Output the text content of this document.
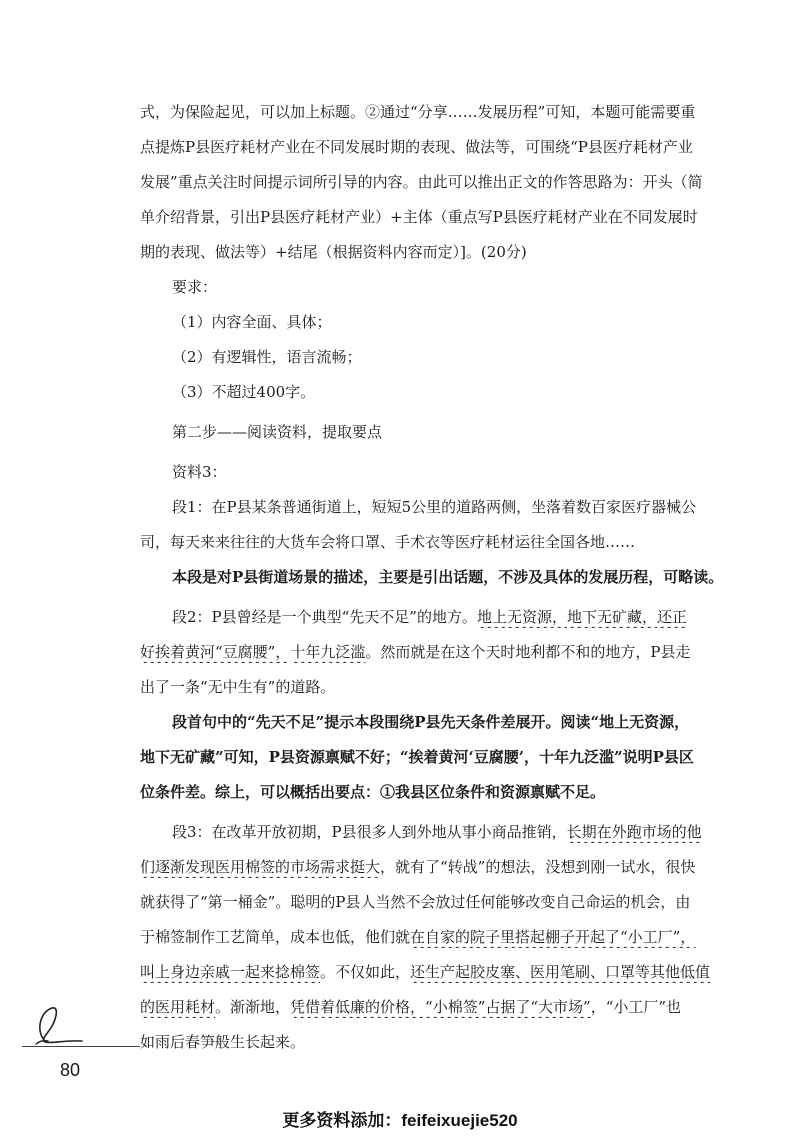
式，为保险起见，可以加上标题。②通过“分享……发展历程”可知，本题可能需要重
点提炼P县医疗耗材产业在不同发展时期的表现、做法等，可围绕“P县医疗耗材产业
发展”重点关注时间提示词所引导的内容。由此可以推出正文的作答思路为：开头（简
单介绍背景，引出P县医疗耗材产业）+主体（重点写P县医疗耗材产业在不同发展时
期的表现、做法等）+结尾（根据资料内容而定）]。(20分)
要求：
（1）内容全面、具体；
（2）有逻辑性，语言流畅；
（3）不超过400字。
第二步——阅读资料，提取要点
资料3：
段1：在P县某条普通街道上，短短5公里的道路两侧，坐落着数百家医疗器械公
司，每天来来往往的大货车会将口罩、手术衣等医疗耗材运往全国各地……
本段是对P县街道场景的描述，主要是引出话题，不涉及具体的发展历程，可略读。
段2：P县曾经是一个典型“先天不足”的地方。地上无资源，地下无矿藏，还正
好挨着黄河“豆腐腰”，十年九泛滥。然而就是在这个天时地利都不和的地方，P县走
出了一条“无中生有”的道路。
段首句中的“先天不足”提示本段围绕P县先天条件差展开。阅读“地上无资源，
地下无矿藏”可知，P县资源禀赋不好；“挨着黄河‘豆腐腰’，十年九泛滥”说明P县区
位条件差。综上，可以概括出要点：①我县区位条件和资源禀赋不足。
段3：在改革开放初期，P县很多人到外地从事小商品推销，长期在外跑市场的他
们逐渐发现医用棉签的市场需求挺大，就有了“转战”的想法，没想到刚一试水，很快
就获得了“第一桶金”。聪明的P县人当然不会放过任何能够改变自己命运的机会，由
于棉签制作工艺简单，成本也低，他们就在自家的院子里搭起棚子开起了“小工厂”，
叫上身边亲戚一起来捻棉签。不仅如此，还生产起胶皮塞、医用笔刷、口罩等其他低值
的医用耗材。渐渐地，凭借着低廉的价格，“小棉签”占据了“大市场”，“小工厂”也
如雨后春笋般生长起来。
80
更多资料添加：feifeixuejie520
